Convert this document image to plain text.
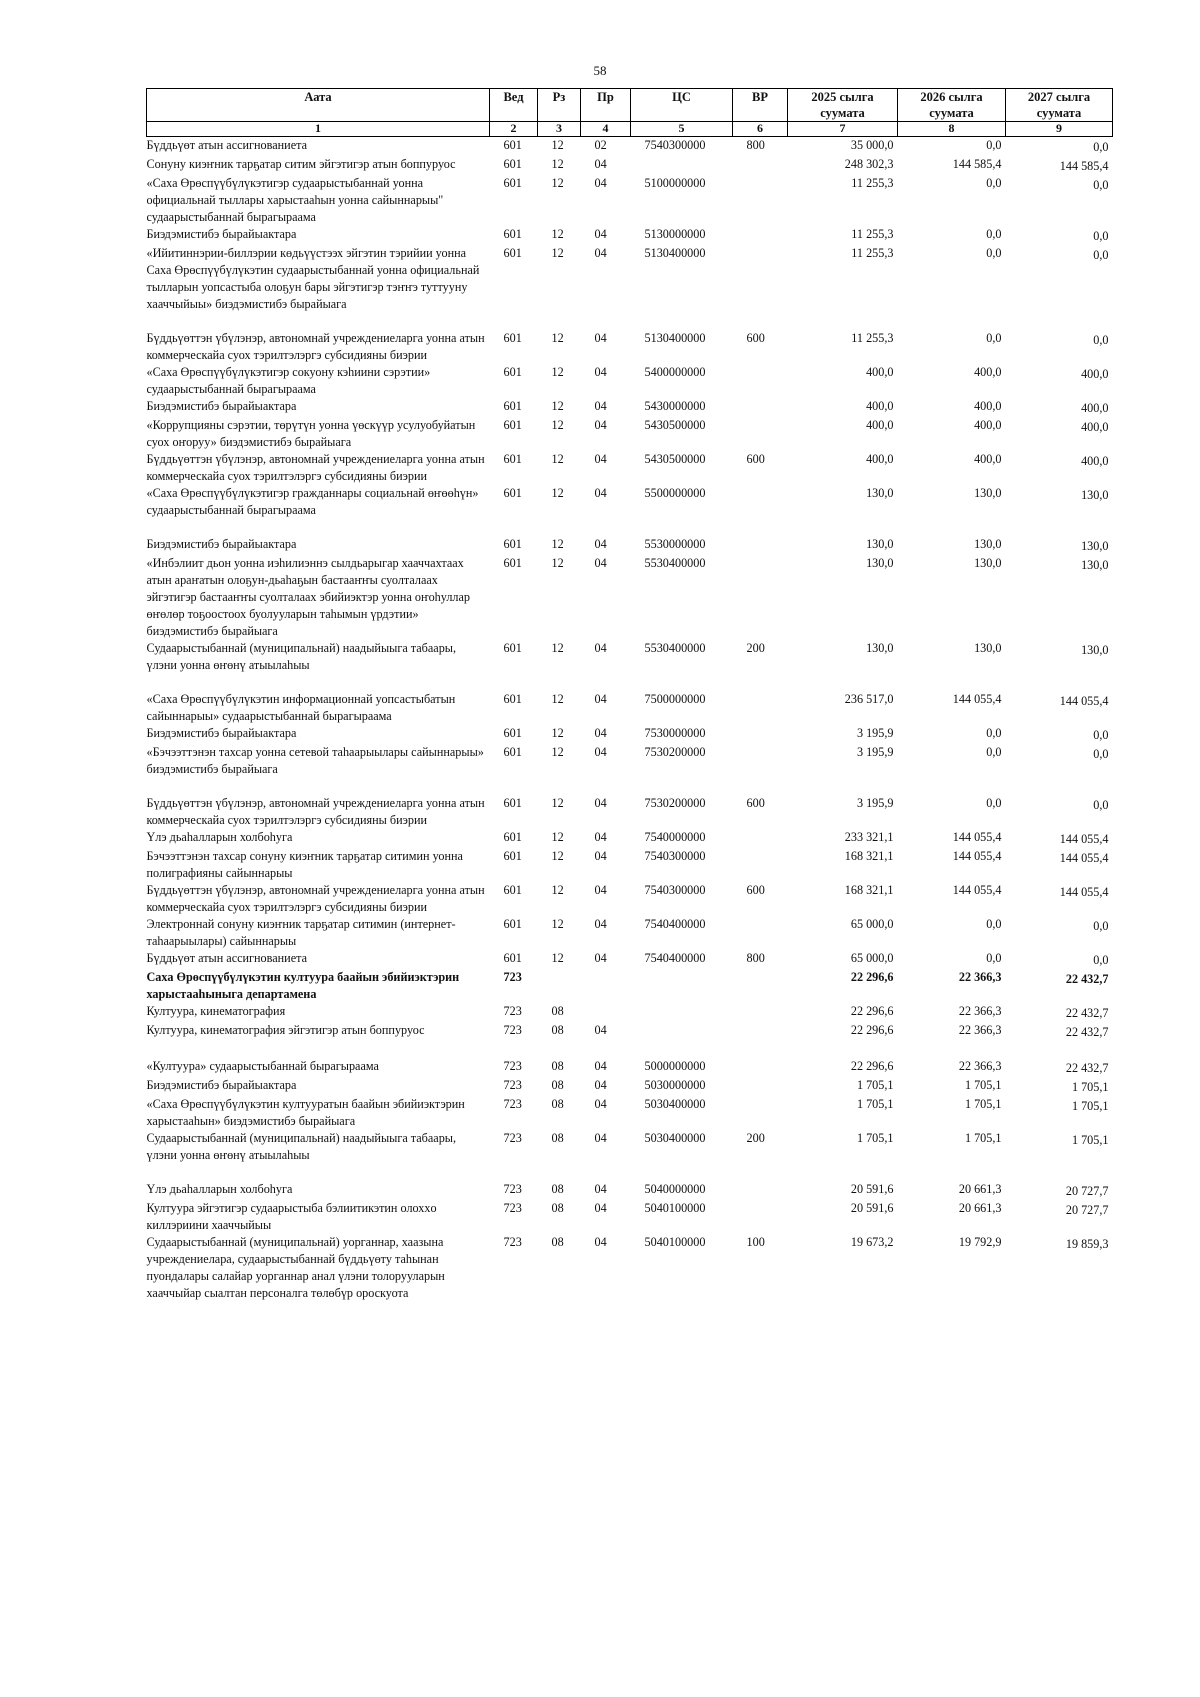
58
Аата	Вед	Рз	Пр	ЦС	ВР	2025 сылга суумата	2026 сылга суумата	2027 сылга суумата
1	2	3	4	5	6	7	8	9
Бүддьүөт атын ассигнованиета	601	12	02	7540300000	800	35 000,0	0,0	0,0
Сонуну киэҥник тарҕатар ситим эйгэтигэр атын боппуруос	601	12	04			248 302,3	144 585,4	144 585,4
«Саха Өрөспүүбүлүкэтигэр судаарыстыбаннай уонна официальнай тыллары харыстааһын уонна сайыннарыы" судаарыстыбаннай бырагыраама	601	12	04	5100000000		11 255,3	0,0	0,0
Биэдэмистибэ бырайыактара	601	12	04	5130000000		11 255,3	0,0	0,0
«Ийитиннэрии-биллэрии көдьүүстээх эйгэтин тэрийии уонна Саха Өрөспүүбүлүкэтин судаарыстыбаннай уонна официальнай тылларын уопсастыба олоҕун бары эйгэтигэр тэҥҥэ туттууну хааччыйыы» биэдэмистибэ бырайыага	601	12	04	5130400000		11 255,3	0,0	0,0
Бүддьүөттэн үбүлэнэр, автономнай учреждениеларга уонна атын коммерческайа суох тэрилтэлэргэ субсидияны биэрии	601	12	04	5130400000	600	11 255,3	0,0	0,0
«Саха Өрөспүүбүлүкэтигэр сокуону кэһиини сэрэтии» судаарыстыбаннай бырагыраама	601	12	04	5400000000		400,0	400,0	400,0
Биэдэмистибэ бырайыактара	601	12	04	5430000000		400,0	400,0	400,0
«Коррупцияны сэрэтии, төрүтүн уонна үөскүүр усулуобуйатын суох оҥоруу» биэдэмистибэ бырайыага	601	12	04	5430500000		400,0	400,0	400,0
Бүддьүөттэн үбүлэнэр, автономнай учреждениеларга уонна атын коммерческайа суох тэрилтэлэргэ субсидияны биэрии	601	12	04	5430500000	600	400,0	400,0	400,0
«Саха Өрөспүүбүлүкэтигэр гражданнары социальнай өҥөөһүн» судаарыстыбаннай бырагыраама	601	12	04	5500000000		130,0	130,0	130,0
Биэдэмистибэ бырайыактара	601	12	04	5530000000		130,0	130,0	130,0
«Инбэлиит дьон уонна иэһилиэннэ сылдьарыгар хааччахтаах атын араҥатын олоҕун-дьаһаҕын бастааҥҥы суолталаах эйгэтигэр бастааҥҥы суолталаах эбийиэктэр уонна оҥоһуллар өҥөлөр тоҕоостоох буолууларын таһымын үрдэтии» биэдэмистибэ бырайыага	601	12	04	5530400000		130,0	130,0	130,0
Судаарыстыбаннай (муниципальнай) наадыйыыга табаары, үлэни уонна өҥөнү атыылаһыы	601	12	04	5530400000	200	130,0	130,0	130,0
«Саха Өрөспүүбүлүкэтин информационнай уопсастыбатын сайыннарыы» судаарыстыбаннай бырагыраама	601	12	04	7500000000		236 517,0	144 055,4	144 055,4
Биэдэмистибэ бырайыактара	601	12	04	7530000000		3 195,9	0,0	0,0
«Бэчээттэнэн тахсар уонна сетевой таһаарыылары сайыннарыы» биэдэмистибэ бырайыага	601	12	04	7530200000		3 195,9	0,0	0,0
Бүддьүөттэн үбүлэнэр, автономнай учреждениеларга уонна атын коммерческайа суох тэрилтэлэргэ субсидияны биэрии	601	12	04	7530200000	600	3 195,9	0,0	0,0
Үлэ дьаһалларын холбоһуга	601	12	04	7540000000		233 321,1	144 055,4	144 055,4
Бэчээттэнэн тахсар сонуну киэҥник тарҕатар ситимин уонна полиграфияны сайыннарыы	601	12	04	7540300000		168 321,1	144 055,4	144 055,4
Бүддьүөттэн үбүлэнэр, автономнай учреждениеларга уонна атын коммерческайа суох тэрилтэлэргэ субсидияны биэрии	601	12	04	7540300000	600	168 321,1	144 055,4	144 055,4
Электроннай сонуну киэҥник тарҕатар ситимин (интернет-таһаарыылары) сайыннарыы	601	12	04	7540400000		65 000,0	0,0	0,0
Бүддьүөт атын ассигнованиета	601	12	04	7540400000	800	65 000,0	0,0	0,0
Саха Өрөспүүбүлүкэтин култуура баайын эбийиэктэрин харыстааһыныга департамена	723					22 296,6	22 366,3	22 432,7
Култуура, кинематография	723	08				22 296,6	22 366,3	22 432,7
Култуура, кинематография эйгэтигэр атын боппуруос	723	08	04			22 296,6	22 366,3	22 432,7
«Култуура» судаарыстыбаннай бырагыраама	723	08	04	5000000000		22 296,6	22 366,3	22 432,7
Биэдэмистибэ бырайыактара	723	08	04	5030000000		1 705,1	1 705,1	1 705,1
«Саха Өрөспүүбүлүкэтин култууратын баайын эбийиэктэрин харыстааһын» биэдэмистибэ бырайыага	723	08	04	5030400000		1 705,1	1 705,1	1 705,1
Судаарыстыбаннай (муниципальнай) наадыйыыга табаары, үлэни уонна өҥөнү атыылаһыы	723	08	04	5030400000	200	1 705,1	1 705,1	1 705,1
Үлэ дьаһалларын холбоһуга	723	08	04	5040000000		20 591,6	20 661,3	20 727,7
Култуура эйгэтигэр судаарыстыба бэлиитикэтин олохxо киллэриини хааччыйыы	723	08	04	5040100000		20 591,6	20 661,3	20 727,7
Судаарыстыбаннай (муниципальнай) уорганнар, хаазына учреждениелара, судаарыстыбаннай бүддьүөту таһынан пуондалары салайар уорганнар анал үлэни толорууларын хааччыйар сыалтан персоналга төлөбүр ороскуота	723	08	04	5040100000	100	19 673,2	19 792,9	19 859,3
